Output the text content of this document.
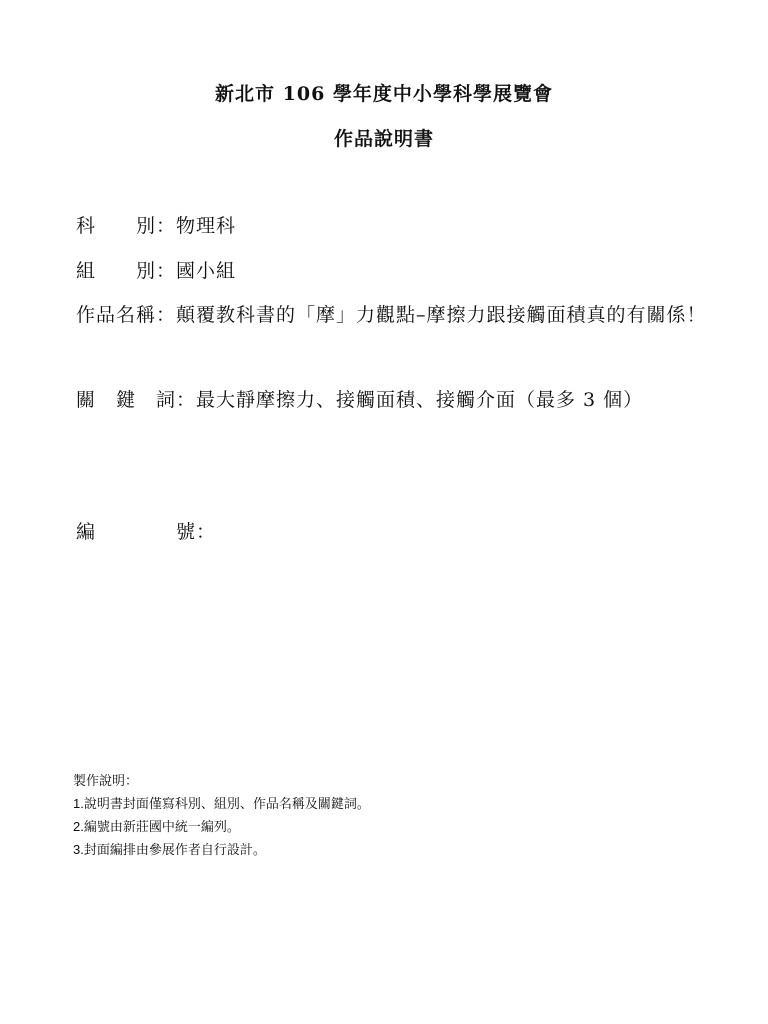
新北市 106 學年度中小學科學展覽會
作品說明書
科　　別：物理科
組　　別：國小組
作品名稱：顛覆教科書的「摩」力觀點–摩擦力跟接觸面積真的有關係！
關　鍵　詞：最大靜摩擦力、接觸面積、接觸介面（最多 3 個）
編	號：
製作說明：
1.說明書封面僅寫科別、組別、作品名稱及關鍵詞。
2.編號由新莊國中統一編列。
3.封面編排由參展作者自行設計。
